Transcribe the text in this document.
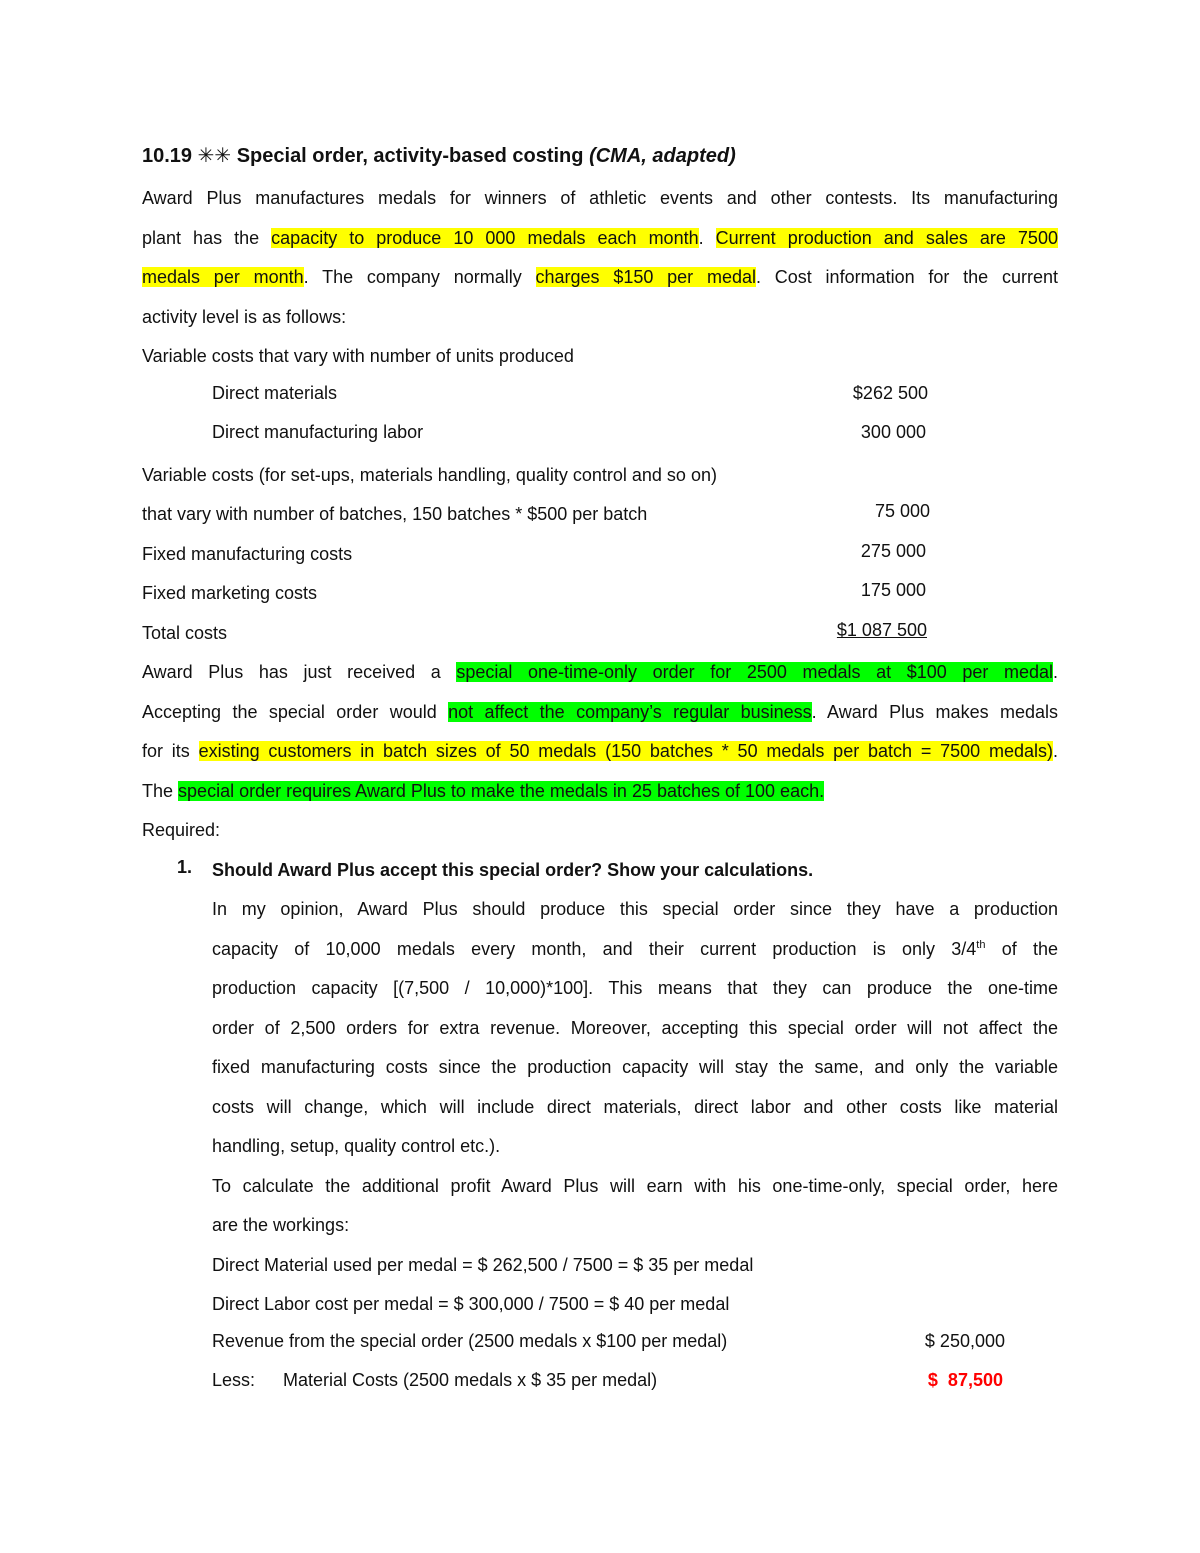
10.19 ✳✳ Special order, activity-based costing (CMA, adapted)
Award Plus manufactures medals for winners of athletic events and other contests. Its manufacturing
plant has the capacity to produce 10 000 medals each month. Current production and sales are 7500
medals per month. The company normally charges $150 per medal. Cost information for the current
activity level is as follows:
Variable costs that vary with number of units produced
Direct materials	$262 500
Direct manufacturing labor	300 000
Variable costs (for set-ups, materials handling, quality control and so on)
that vary with number of batches, 150 batches * $500 per batch	75 000
Fixed manufacturing costs	275 000
Fixed marketing costs	175 000
Total costs	$1 087 500
Award Plus has just received a special one-time-only order for 2500 medals at $100 per medal.
Accepting the special order would not affect the company’s regular business. Award Plus makes medals
for its existing customers in batch sizes of 50 medals (150 batches * 50 medals per batch = 7500 medals).
The special order requires Award Plus to make the medals in 25 batches of 100 each.
Required:
1. Should Award Plus accept this special order? Show your calculations.
In my opinion, Award Plus should produce this special order since they have a production
capacity of 10,000 medals every month, and their current production is only 3/4th of the
production capacity [(7,500 / 10,000)*100]. This means that they can produce the one-time
order of 2,500 orders for extra revenue. Moreover, accepting this special order will not affect the
fixed manufacturing costs since the production capacity will stay the same, and only the variable
costs will change, which will include direct materials, direct labor and other costs like material
handling, setup, quality control etc.).
To calculate the additional profit Award Plus will earn with his one-time-only, special order, here
are the workings:
Direct Material used per medal = $ 262,500 / 7500 = $ 35 per medal
Direct Labor cost per medal = $ 300,000 / 7500 = $ 40 per medal
Revenue from the special order (2500 medals x $100 per medal)	$ 250,000
Less: Material Costs (2500 medals x $ 35 per medal)	$  87,500
